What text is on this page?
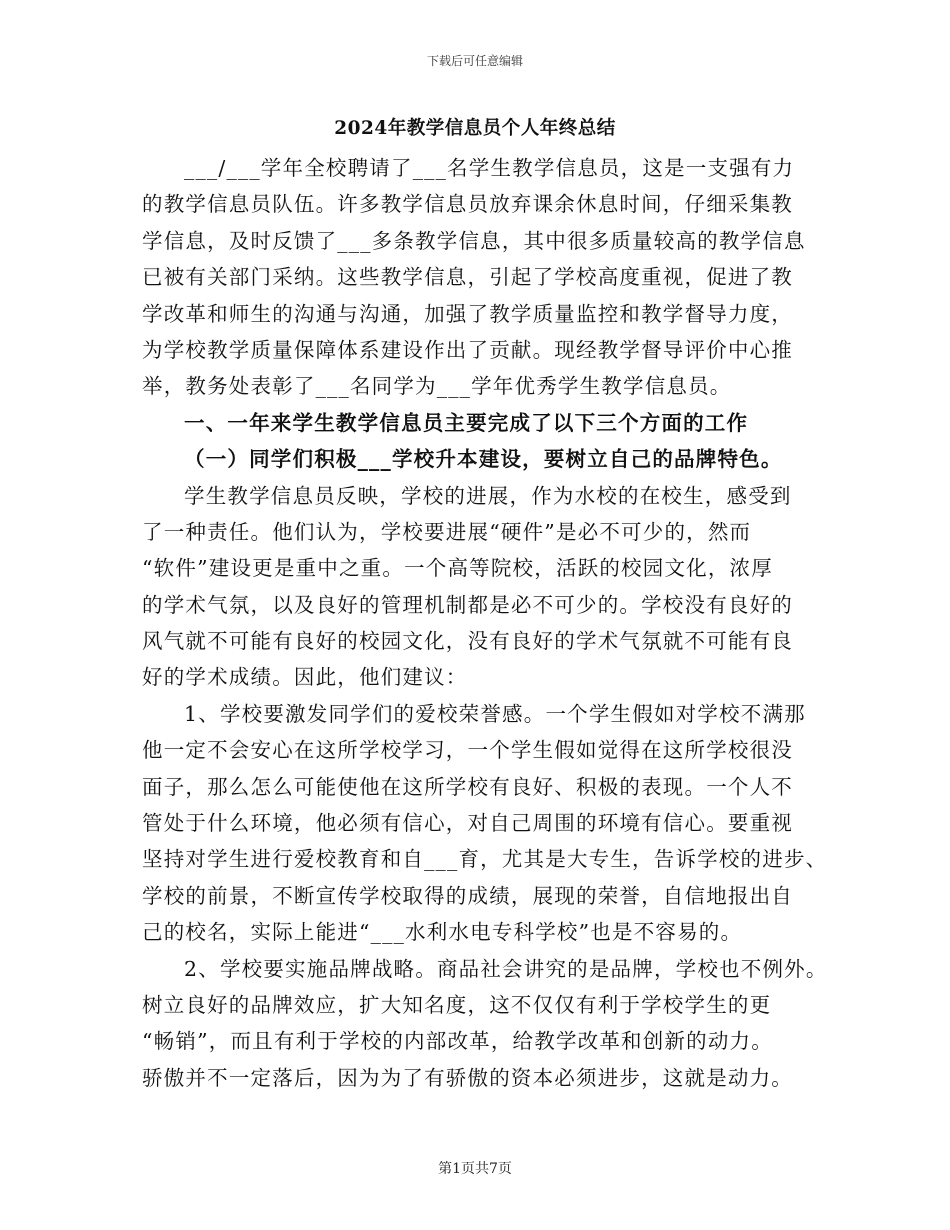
下载后可任意编辑
2024年教学信息员个人年终总结
___/___学年全校聘请了___名学生教学信息员，这是一支强有力
的教学信息员队伍。许多教学信息员放弃课余休息时间，仔细采集教
学信息，及时反馈了___多条教学信息，其中很多质量较高的教学信息
已被有关部门采纳。这些教学信息，引起了学校高度重视，促进了教
学改革和师生的沟通与沟通，加强了教学质量监控和教学督导力度，
为学校教学质量保障体系建设作出了贡献。现经教学督导评价中心推
举，教务处表彰了___名同学为___学年优秀学生教学信息员。
一、一年来学生教学信息员主要完成了以下三个方面的工作
（一）同学们积极___学校升本建设，要树立自己的品牌特色。
学生教学信息员反映，学校的进展，作为水校的在校生，感受到
了一种责任。他们认为，学校要进展“硬件”是必不可少的，然而
“软件”建设更是重中之重。一个高等院校，活跃的校园文化，浓厚
的学术气氛，以及良好的管理机制都是必不可少的。学校没有良好的
风气就不可能有良好的校园文化，没有良好的学术气氛就不可能有良
好的学术成绩。因此，他们建议：
1、学校要激发同学们的爱校荣誉感。一个学生假如对学校不满那
他一定不会安心在这所学校学习，一个学生假如觉得在这所学校很没
面子，那么怎么可能使他在这所学校有良好、积极的表现。一个人不
管处于什么环境，他必须有信心，对自己周围的环境有信心。要重视
坚持对学生进行爱校教育和自___育，尤其是大专生，告诉学校的进步、
学校的前景，不断宣传学校取得的成绩，展现的荣誉，自信地报出自
己的校名，实际上能进“___水利水电专科学校”也是不容易的。
2、学校要实施品牌战略。商品社会讲究的是品牌，学校也不例外。
树立良好的品牌效应，扩大知名度，这不仅仅有利于学校学生的更
“畅销”，而且有利于学校的内部改革，给教学改革和创新的动力。
骄傲并不一定落后，因为为了有骄傲的资本必须进步，这就是动力。
第1页共7页
